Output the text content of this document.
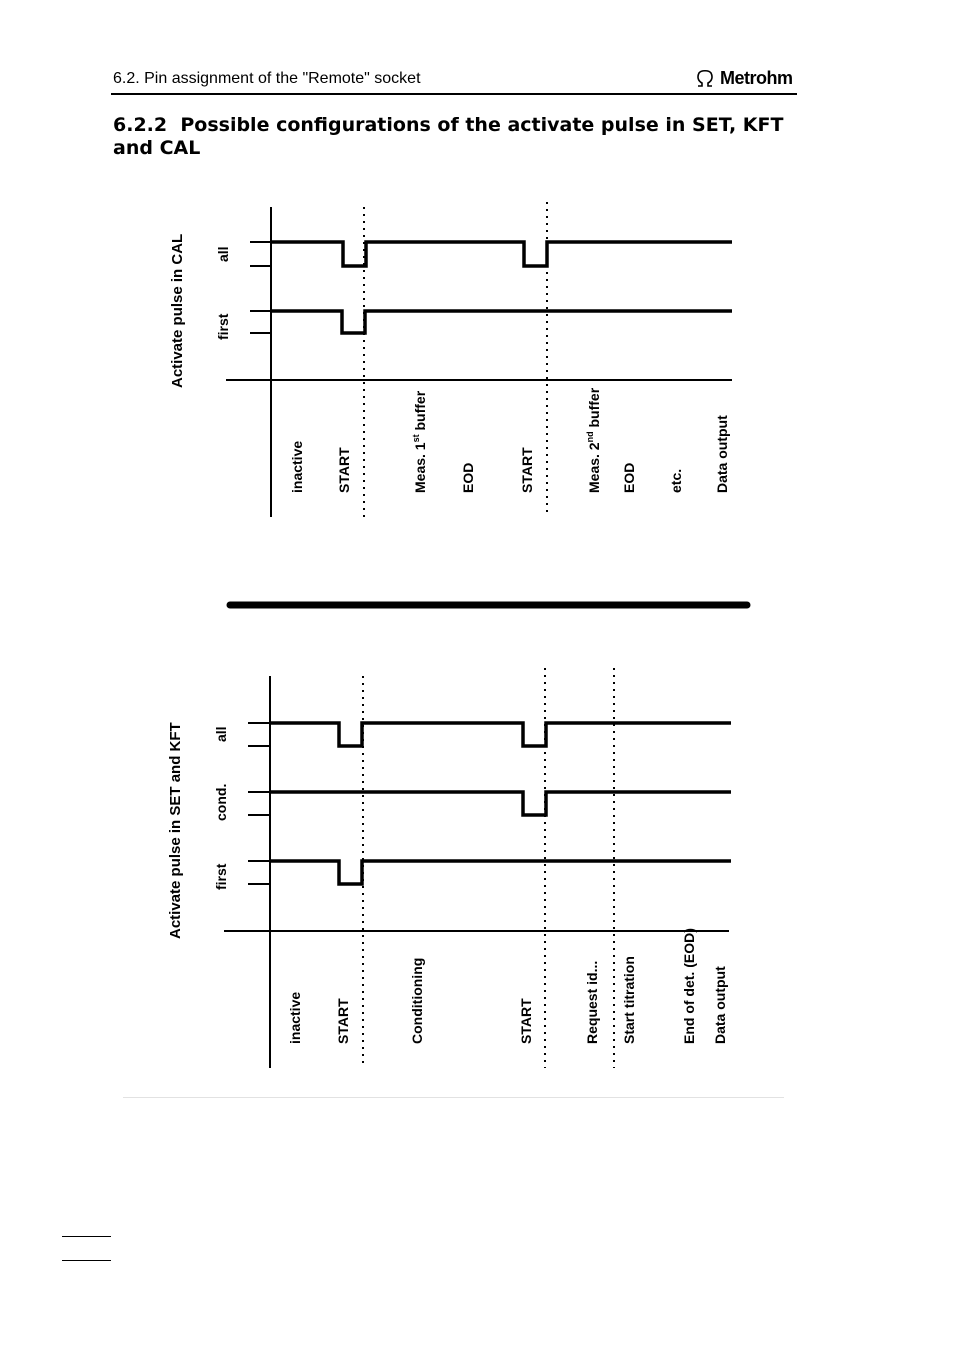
6.2. Pin assignment of the "Remote" socket	Metrohm
6.2.2 Possible configurations of the activate pulse in SET, KFT and CAL
Activate pulse in CAL all
first
inactive START	Meas. 1st buffer
EOD	START	Meas. 2nd buffer
EOD etc. Data output
Activate pulse in SET and KFT all
cond.
first
inactive START	Conditioning	START	Request id... Start titration	End of det. (EOD) Data output
